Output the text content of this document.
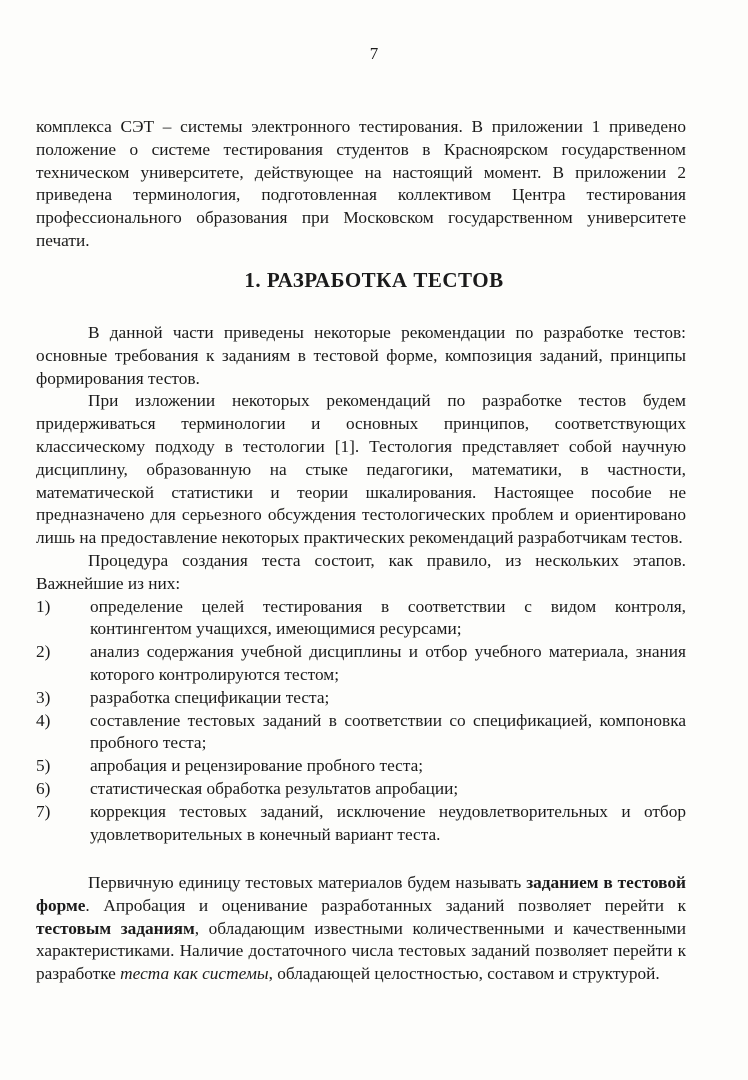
7

комплекса СЭТ – системы электронного тестирования. В приложении 1 приведено положение о системе тестирования студентов в Красноярском государственном техническом университете, действующее на настоящий момент. В приложении 2 приведена терминология, подготовленная коллективом Центра тестирования профессионального образования при Московском государственном университете печати.

1. РАЗРАБОТКА ТЕСТОВ

В данной части приведены некоторые рекомендации по разработке тестов: основные требования к заданиям в тестовой форме, композиция заданий, принципы формирования тестов.

При изложении некоторых рекомендаций по разработке тестов будем придерживаться терминологии и основных принципов, соответствующих классическому подходу в тестологии [1]. Тестология представляет собой научную дисциплину, образованную на стыке педагогики, математики, в частности, математической статистики и теории шкалирования. Настоящее пособие не предназначено для серьезного обсуждения тестологических проблем и ориентировано лишь на предоставление некоторых практических рекомендаций разработчикам тестов.

Процедура создания теста состоит, как правило, из нескольких этапов. Важнейшие из них:

1) определение целей тестирования в соответствии с видом контроля, контингентом учащихся, имеющимися ресурсами;
2) анализ содержания учебной дисциплины и отбор учебного материала, знания которого контролируются тестом;
3) разработка спецификации теста;
4) составление тестовых заданий в соответствии со спецификацией, компоновка пробного теста;
5) апробация и рецензирование пробного теста;
6) статистическая обработка результатов апробации;
7) коррекция тестовых заданий, исключение неудовлетворительных и отбор удовлетворительных в конечный вариант теста.

Первичную единицу тестовых материалов будем называть заданием в тестовой форме. Апробация и оценивание разработанных заданий позволяет перейти к тестовым заданиям, обладающим известными количественными и качественными характеристиками. Наличие достаточного числа тестовых заданий позволяет перейти к разработке теста как системы, обладающей целостностью, составом и структурой.
